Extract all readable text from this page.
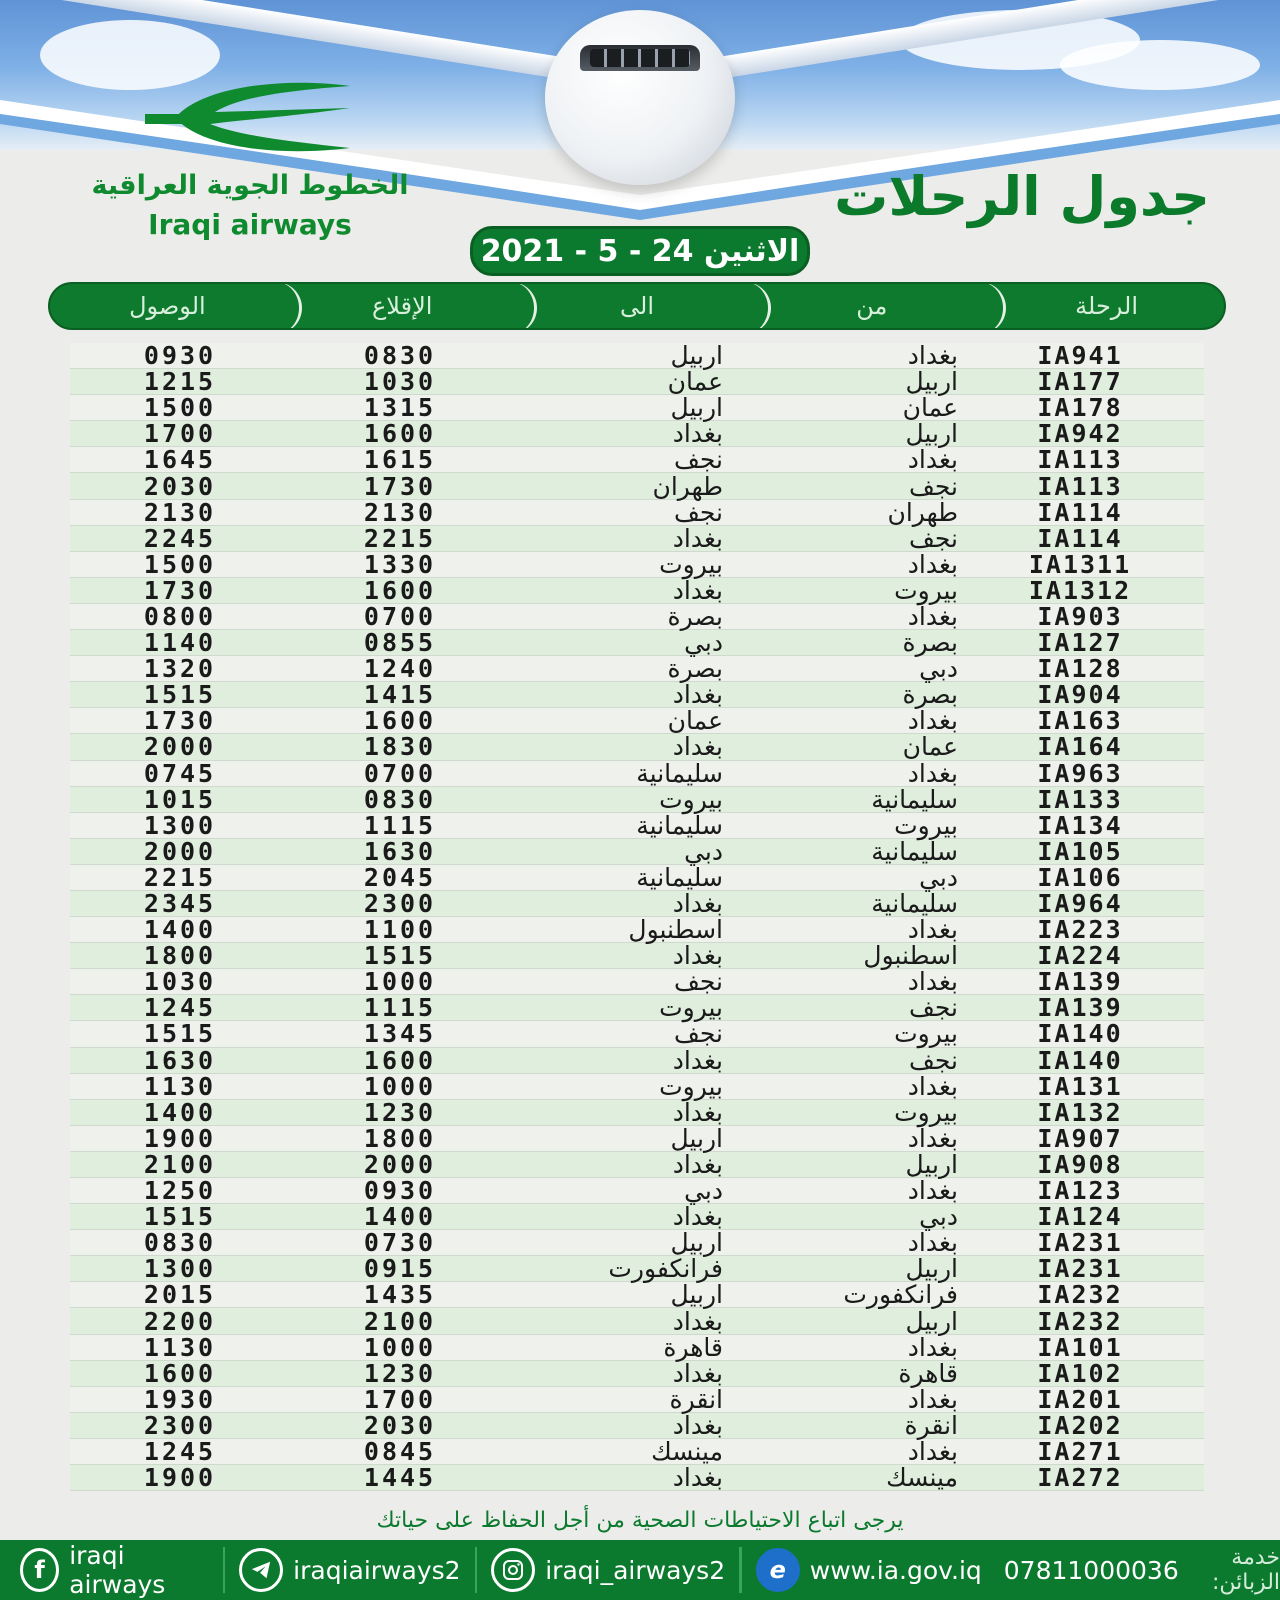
الخطوط الجوية العراقية
Iraqi airways	جدول الرحلات
الاثنين 24 - 5 - 2021
الوصول	الإقلاع	الى	من	الرحلة
0930	0830	اربيل	بغداد	IA941
1215	1030	عمان	اربيل	IA177
1500	1315	اربيل	عمان	IA178
1700	1600	بغداد	اربيل	IA942
1645	1615	نجف	بغداد	IA113
2030	1730	طهران	نجف	IA113
2130	2130	نجف	طهران	IA114
2245	2215	بغداد	نجف	IA114
1500	1330	بيروت	بغداد	IA1311
1730	1600	بغداد	بيروت	IA1312
0800	0700	بصرة	بغداد	IA903
1140	0855	دبي	بصرة	IA127
1320	1240	بصرة	دبي	IA128
1515	1415	بغداد	بصرة	IA904
1730	1600	عمان	بغداد	IA163
2000	1830	بغداد	عمان	IA164
0745	0700	سليمانية	بغداد	IA963
1015	0830	بيروت	سليمانية	IA133
1300	1115	سليمانية	بيروت	IA134
2000	1630	دبي	سليمانية	IA105
2215	2045	سليمانية	دبي	IA106
2345	2300	بغداد	سليمانية	IA964
1400	1100	اسطنبول	بغداد	IA223
1800	1515	بغداد	اسطنبول	IA224
1030	1000	نجف	بغداد	IA139
1245	1115	بيروت	نجف	IA139
1515	1345	نجف	بيروت	IA140
1630	1600	بغداد	نجف	IA140
1130	1000	بيروت	بغداد	IA131
1400	1230	بغداد	بيروت	IA132
1900	1800	اربيل	بغداد	IA907
2100	2000	بغداد	اربيل	IA908
1250	0930	دبي	بغداد	IA123
1515	1400	بغداد	دبي	IA124
0830	0730	اربيل	بغداد	IA231
1300	0915	فرانكفورت	اربيل	IA231
2015	1435	اربيل	فرانكفورت	IA232
2200	2100	بغداد	اربيل	IA232
1130	1000	قاهرة	بغداد	IA101
1600	1230	بغداد	قاهرة	IA102
1930	1700	انقرة	بغداد	IA201
2300	2030	بغداد	انقرة	IA202
1245	0845	مينسك	بغداد	IA271
1900	1445	بغداد	مينسك	IA272
يرجى اتباع الاحتياطات الصحية من أجل الحفاظ على حياتك
f iraqi airways	iraqiairways2	iraqi_airways2	e www.ia.gov.iq 07811000036	خدمة الزبائن:
